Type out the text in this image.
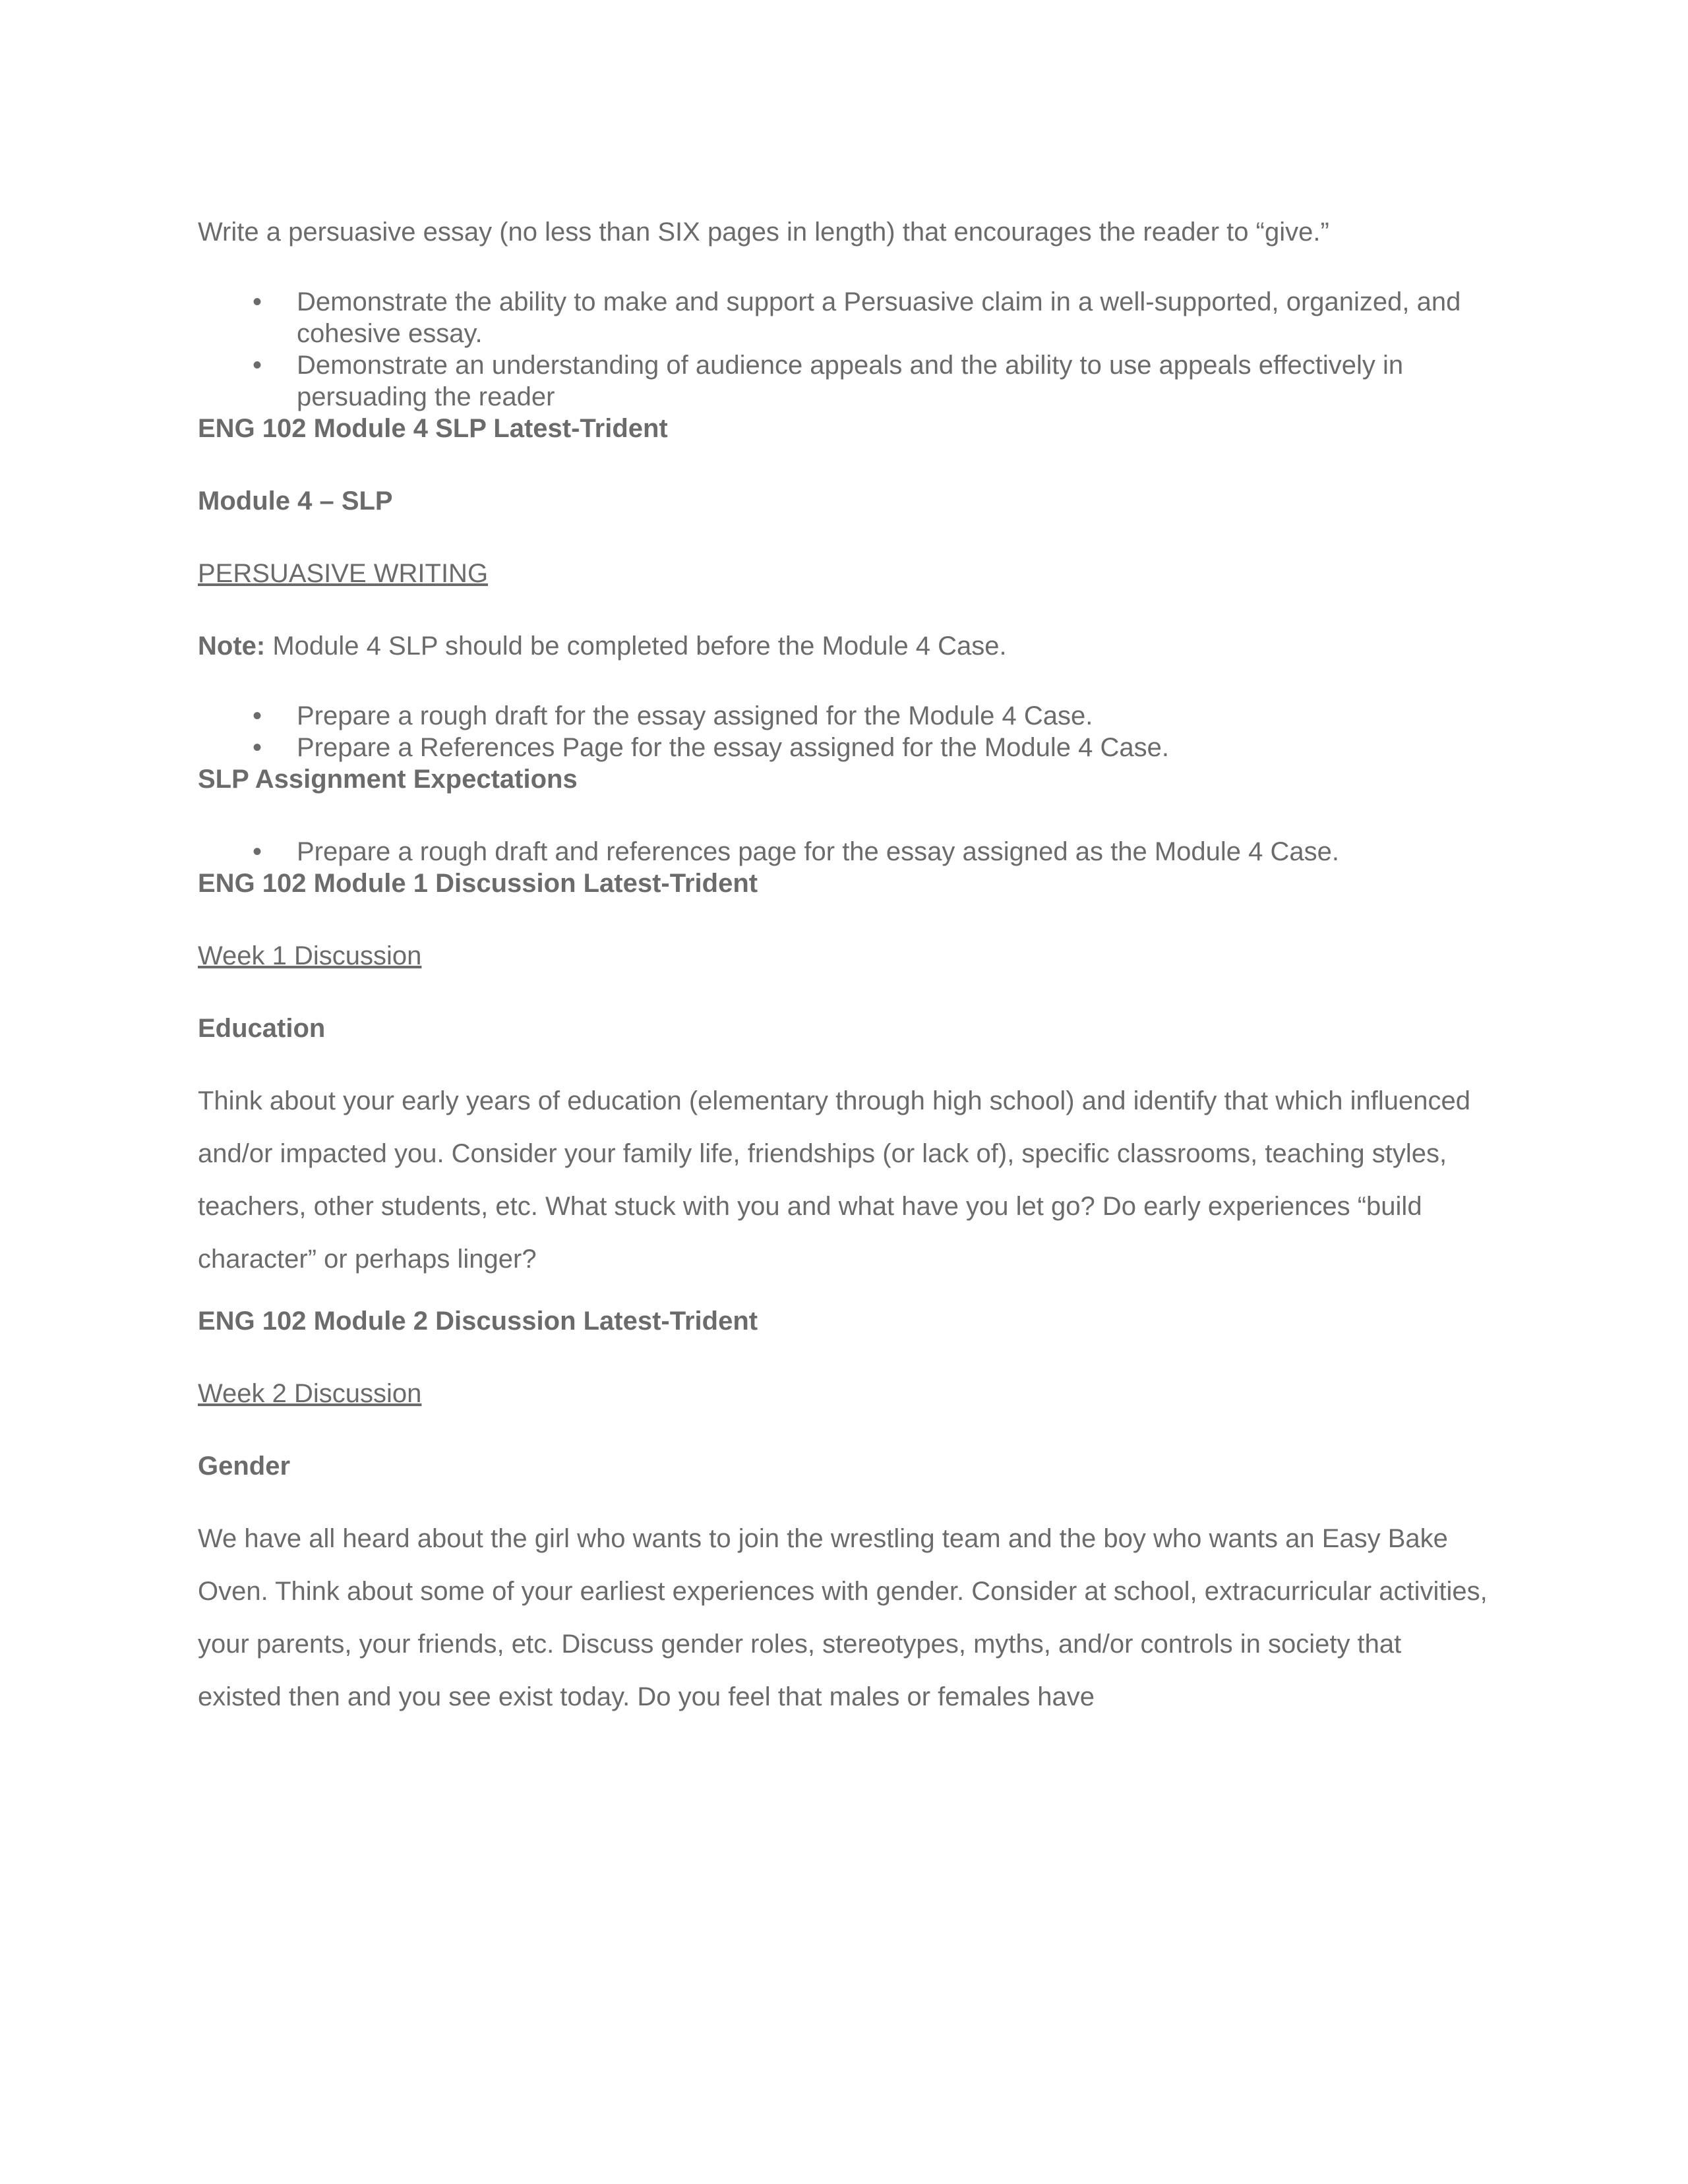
Write a persuasive essay (no less than SIX pages in length) that encourages the reader to “give.”

•	Demonstrate the ability to make and support a Persuasive claim in a well-supported, organized, and cohesive essay.
•	Demonstrate an understanding of audience appeals and the ability to use appeals effectively in persuading the reader

ENG 102 Module 4 SLP Latest-Trident

Module 4 – SLP

PERSUASIVE WRITING

Note: Module 4 SLP should be completed before the Module 4 Case.

•	Prepare a rough draft for the essay assigned for the Module 4 Case.
•	Prepare a References Page for the essay assigned for the Module 4 Case.

SLP Assignment Expectations

•	Prepare a rough draft and references page for the essay assigned as the Module 4 Case.

ENG 102 Module 1 Discussion Latest-Trident

Week 1 Discussion

Education

Think about your early years of education (elementary through high school) and identify that which influenced and/or impacted you. Consider your family life, friendships (or lack of), specific classrooms, teaching styles, teachers, other students, etc. What stuck with you and what have you let go? Do early experiences “build character” or perhaps linger?

ENG 102 Module 2 Discussion Latest-Trident

Week 2 Discussion

Gender

We have all heard about the girl who wants to join the wrestling team and the boy who wants an Easy Bake Oven. Think about some of your earliest experiences with gender. Consider at school, extracurricular activities, your parents, your friends, etc. Discuss gender roles, stereotypes, myths, and/or controls in society that existed then and you see exist today. Do you feel that males or females have
